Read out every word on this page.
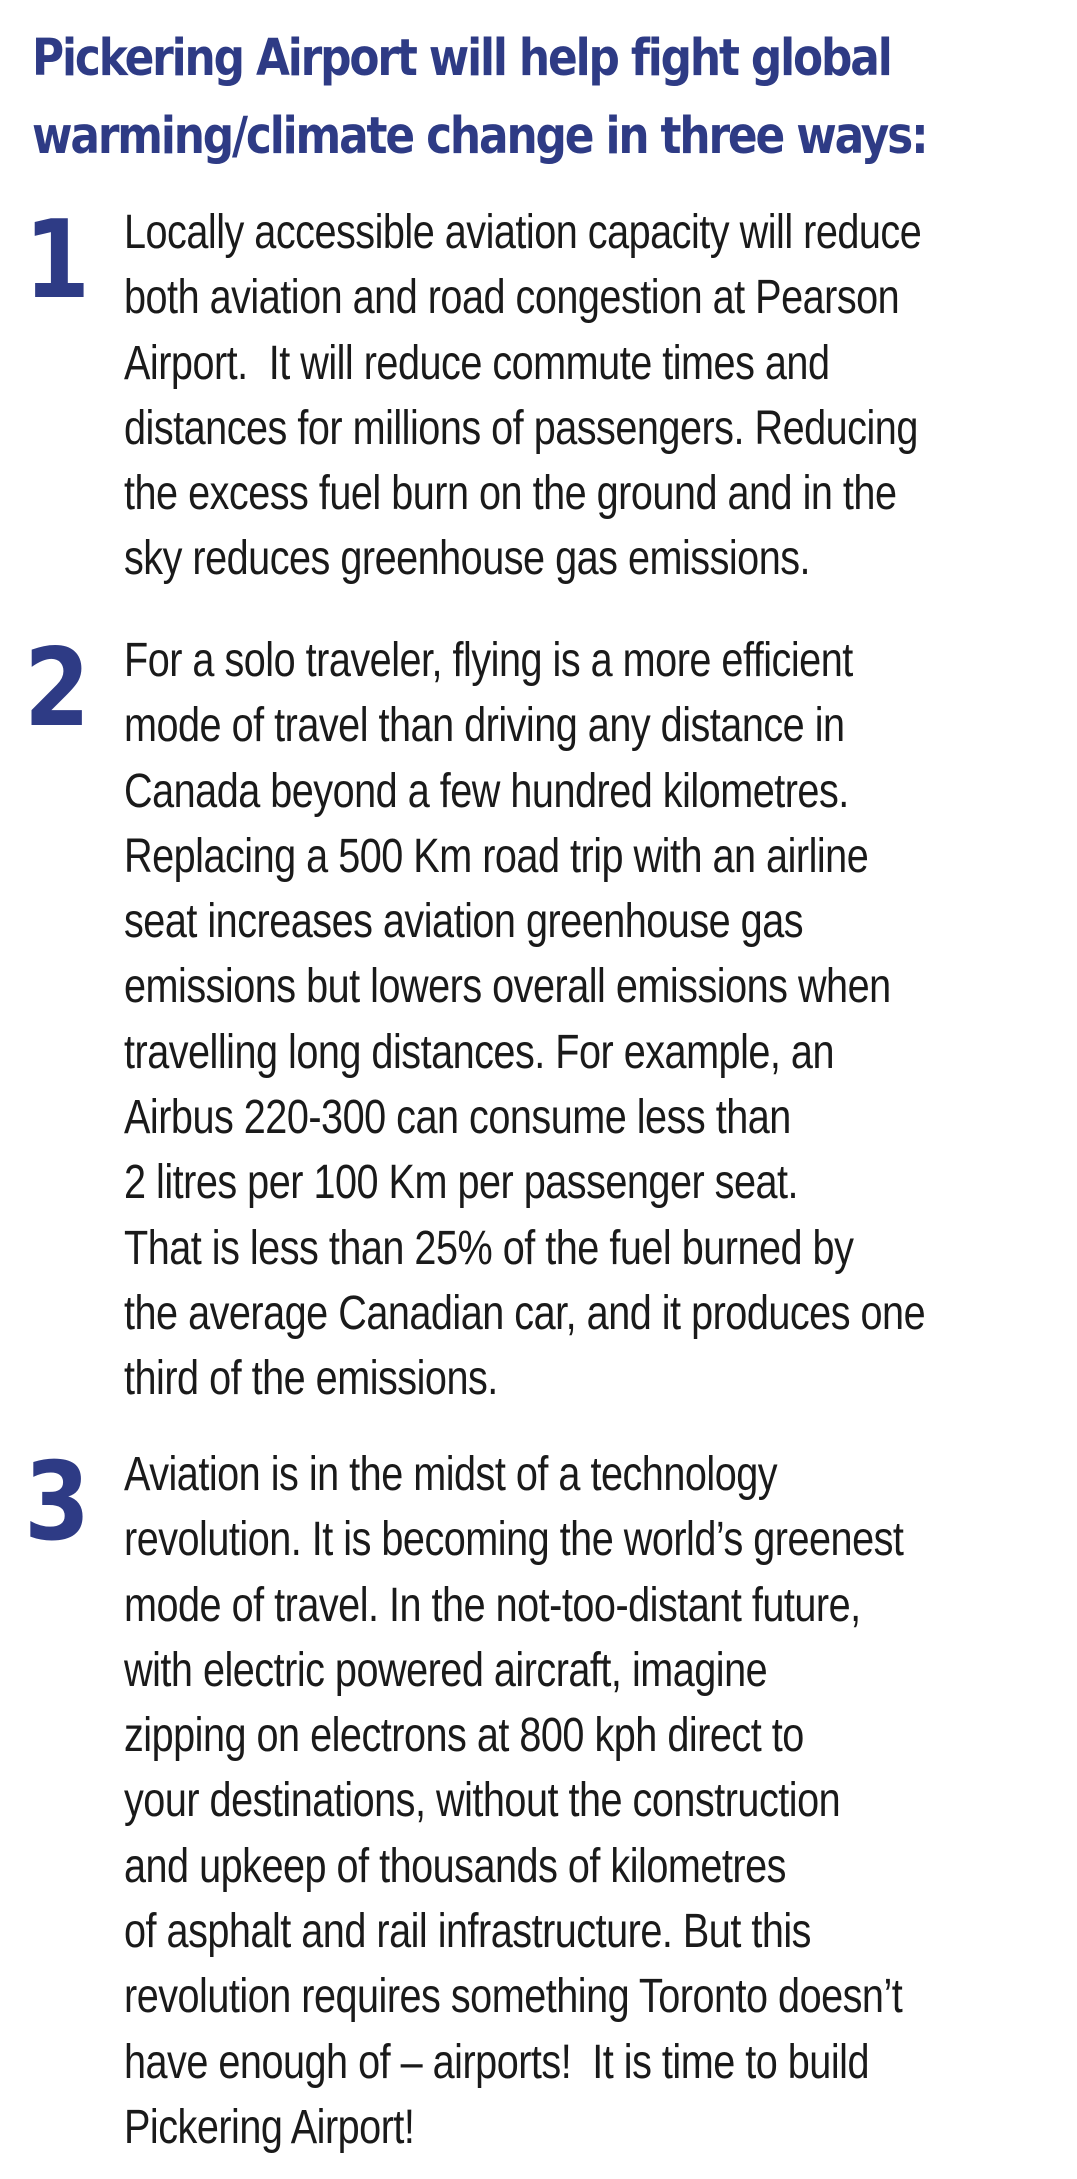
Pickering Airport will help fight global
warming/climate change in three ways:
1 Locally accessible aviation capacity will reduce
both aviation and road congestion at Pearson
Airport.  It will reduce commute times and
distances for millions of passengers. Reducing
the excess fuel burn on the ground and in the
sky reduces greenhouse gas emissions.
2 For a solo traveler, flying is a more efficient
mode of travel than driving any distance in
Canada beyond a few hundred kilometres.
Replacing a 500 Km road trip with an airline
seat increases aviation greenhouse gas
emissions but lowers overall emissions when
travelling long distances. For example, an
Airbus 220-300 can consume less than
2 litres per 100 Km per passenger seat.
That is less than 25% of the fuel burned by
the average Canadian car, and it produces one
third of the emissions.
3 Aviation is in the midst of a technology
revolution. It is becoming the world’s greenest
mode of travel. In the not-too-distant future,
with electric powered aircraft, imagine
zipping on electrons at 800 kph direct to
your destinations, without the construction
and upkeep of thousands of kilometres
of asphalt and rail infrastructure. But this
revolution requires something Toronto doesn’t
have enough of – airports!  It is time to build
Pickering Airport!
